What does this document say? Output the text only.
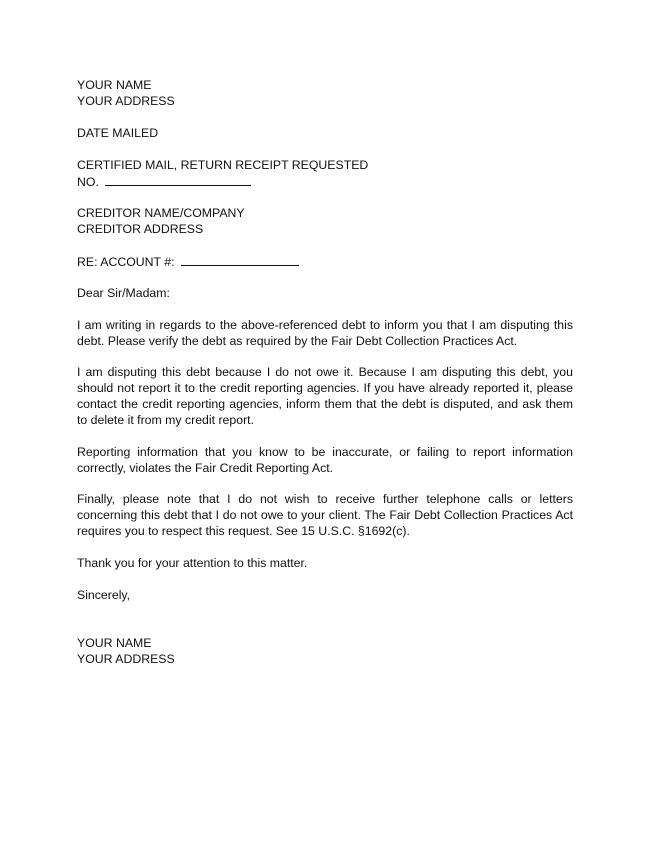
YOUR NAME
YOUR ADDRESS
DATE MAILED
CERTIFIED MAIL, RETURN RECEIPT REQUESTED
NO.
CREDITOR NAME/COMPANY
CREDITOR ADDRESS
RE: ACCOUNT #:
Dear Sir/Madam:
I am writing in regards to the above-referenced debt to inform you that I am disputing this debt. Please verify the debt as required by the Fair Debt Collection Practices Act.
I am disputing this debt because I do not owe it. Because I am disputing this debt, you should not report it to the credit reporting agencies. If you have already reported it, please contact the credit reporting agencies, inform them that the debt is disputed, and ask them to delete it from my credit report.
Reporting information that you know to be inaccurate, or failing to report information correctly, violates the Fair Credit Reporting Act.
Finally, please note that I do not wish to receive further telephone calls or letters concerning this debt that I do not owe to your client. The Fair Debt Collection Practices Act requires you to respect this request. See 15 U.S.C. §1692(c).
Thank you for your attention to this matter.
Sincerely,
YOUR NAME
YOUR ADDRESS
